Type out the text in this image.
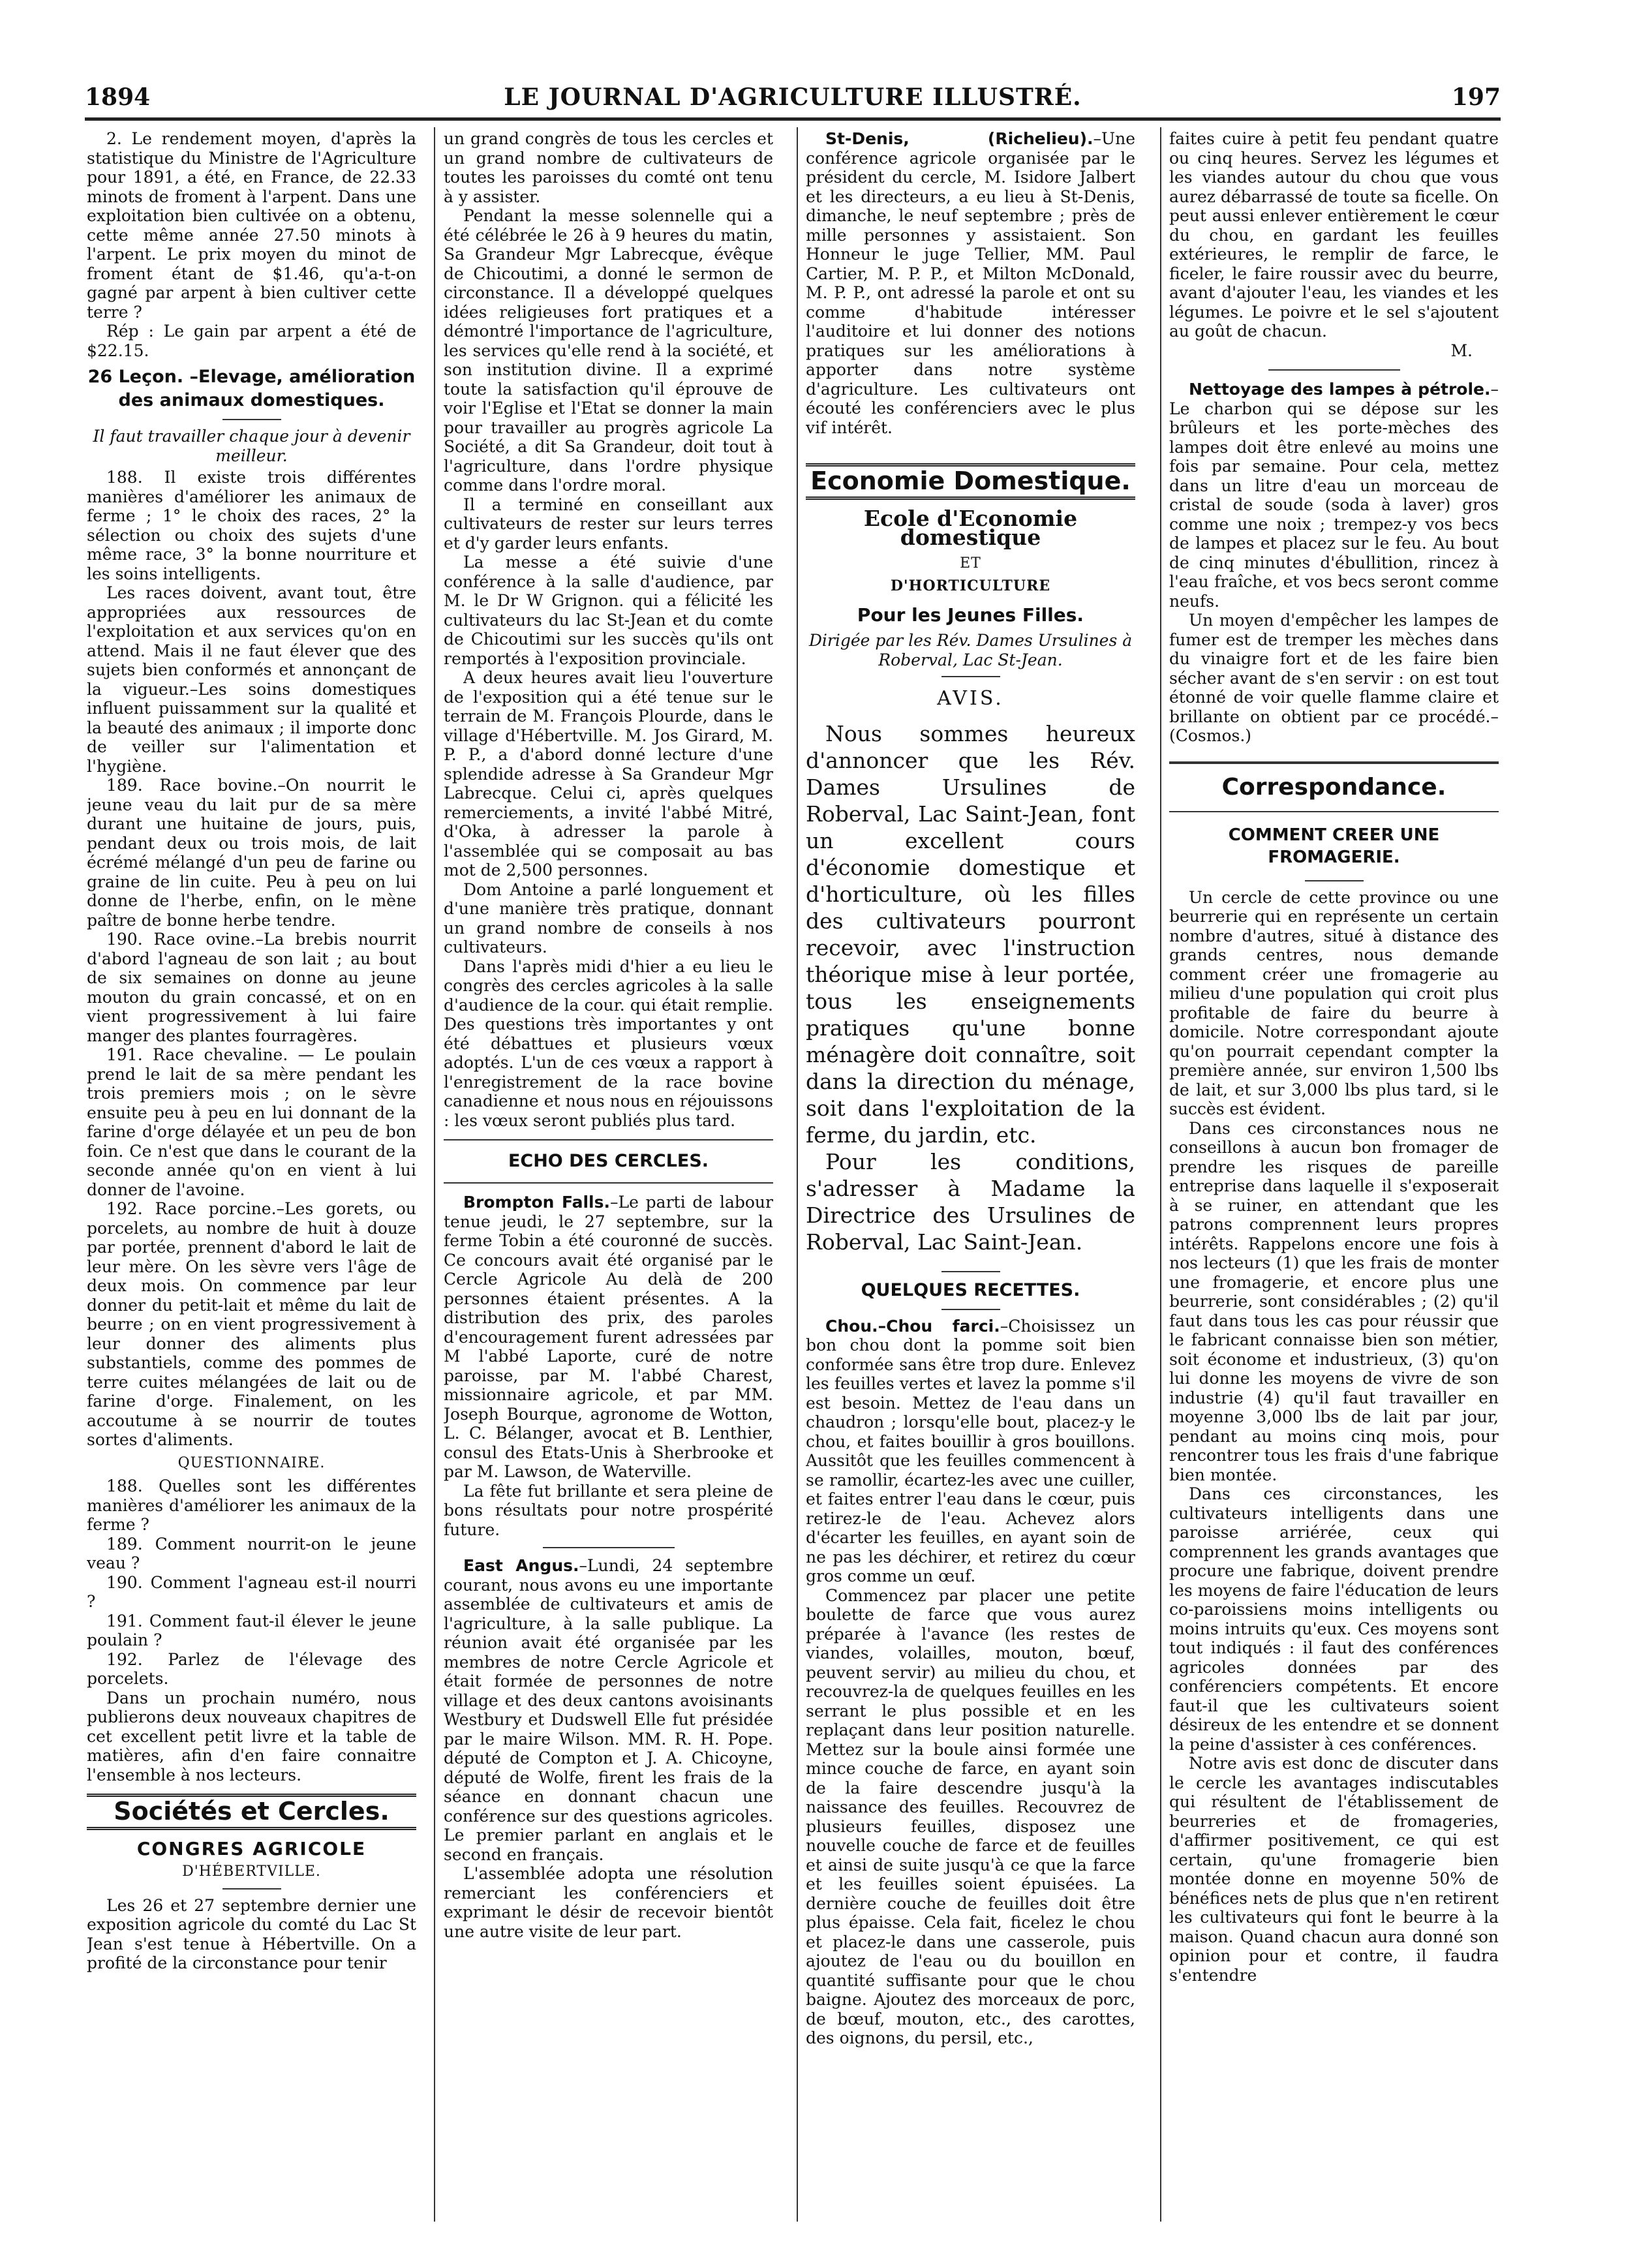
1894	LE JOURNAL D'AGRICULTURE ILLUSTRÉ.	197

2. Le rendement moyen, d'après la statistique du Ministre de l'Agriculture pour 1891, a été, en France, de 22.33 minots de froment à l'arpent. Dans une exploitation bien cultivée on a obtenu, cette même année 27.50 minots à l'arpent. Le prix moyen du minot de froment étant de $1.46, qu'a-t-on gagné par arpent à bien cultiver cette terre ?

Rép : Le gain par arpent a été de $22.15.

26 Leçon. –Elevage, amélioration des animaux domestiques.
Il faut travailler chaque jour à devenir meilleur.

188. Il existe trois différentes manières d'améliorer les animaux de ferme ; 1° le choix des races, 2° la sélection ou choix des sujets d'une même race, 3° la bonne nourriture et les soins intelligents.

Les races doivent, avant tout, être appropriées aux ressources de l'exploitation et aux services qu'on en attend. Mais il ne faut élever que des sujets bien conformés et annonçant de la vigueur.–Les soins domestiques influent puissamment sur la qualité et la beauté des animaux ; il importe donc de veiller sur l'alimentation et l'hygiène.

189. Race bovine.–On nourrit le jeune veau du lait pur de sa mère durant une huitaine de jours, puis, pendant deux ou trois mois, de lait écrémé mélangé d'un peu de farine ou graine de lin cuite. Peu à peu on lui donne de l'herbe, enfin, on le mène paître de bonne herbe tendre.

190. Race ovine.–La brebis nourrit d'abord l'agneau de son lait ; au bout de six semaines on donne au jeune mouton du grain concassé, et on en vient progressivement à lui faire manger des plantes fourragères.

191. Race chevaline. — Le poulain prend le lait de sa mère pendant les trois premiers mois ; on le sèvre ensuite peu à peu en lui donnant de la farine d'orge délayée et un peu de bon foin. Ce n'est que dans le courant de la seconde année qu'on en vient à lui donner de l'avoine.

192. Race porcine.–Les gorets, ou porcelets, au nombre de huit à douze par portée, prennent d'abord le lait de leur mère. On les sèvre vers l'âge de deux mois. On commence par leur donner du petit-lait et même du lait de beurre ; on en vient progressivement à leur donner des aliments plus substantiels, comme des pommes de terre cuites mélangées de lait ou de farine d'orge. Finalement, on les accoutume à se nourrir de toutes sortes d'aliments.

QUESTIONNAIRE.

188. Quelles sont les différentes manières d'améliorer les animaux de la ferme ?

189. Comment nourrit-on le jeune veau ?

190. Comment l'agneau est-il nourri ?

191. Comment faut-il élever le jeune poulain ?

192. Parlez de l'élevage des porcelets.

Dans un prochain numéro, nous publierons deux nouveaux chapitres de cet excellent petit livre et la table de matières, afin d'en faire connaitre l'ensemble à nos lecteurs.

Sociétés et Cercles.
CONGRES AGRICOLE
D'HÉBERTVILLE.

Les 26 et 27 septembre dernier une exposition agricole du comté du Lac St Jean s'est tenue à Hébertville. On a profité de la circonstance pour tenir

un grand congrès de tous les cercles et un grand nombre de cultivateurs de toutes les paroisses du comté ont tenu à y assister.

Pendant la messe solennelle qui a été célébrée le 26 à 9 heures du matin, Sa Grandeur Mgr Labrecque, évêque de Chicoutimi, a donné le sermon de circonstance. Il a développé quelques idées religieuses fort pratiques et a démontré l'importance de l'agriculture, les services qu'elle rend à la société, et son institution divine. Il a exprimé toute la satisfaction qu'il éprouve de voir l'Eglise et l'Etat se donner la main pour travailler au progrès agricole La Société, a dit Sa Grandeur, doit tout à l'agriculture, dans l'ordre physique comme dans l'ordre moral.

Il a terminé en conseillant aux cultivateurs de rester sur leurs terres et d'y garder leurs enfants.

La messe a été suivie d'une conférence à la salle d'audience, par M. le Dr W Grignon. qui a félicité les cultivateurs du lac St-Jean et du comte de Chicoutimi sur les succès qu'ils ont remportés à l'exposition provinciale.

A deux heures avait lieu l'ouverture de l'exposition qui a été tenue sur le terrain de M. François Plourde, dans le village d'Hébertville. M. Jos Girard, M. P. P., a d'abord donné lecture d'une splendide adresse à Sa Grandeur Mgr Labrecque. Celui ci, après quelques remerciements, a invité l'abbé Mitré, d'Oka, à adresser la parole à l'assemblée qui se composait au bas mot de 2,500 personnes.

Dom Antoine a parlé longuement et d'une manière très pratique, donnant un grand nombre de conseils à nos cultivateurs.

Dans l'après midi d'hier a eu lieu le congrès des cercles agricoles à la salle d'audience de la cour. qui était remplie. Des questions très importantes y ont été débattues et plusieurs vœux adoptés. L'un de ces vœux a rapport à l'enregistrement de la race bovine canadienne et nous nous en réjouissons : les vœux seront publiés plus tard.

ECHO DES CERCLES.

Brompton Falls.–Le parti de labour tenue jeudi, le 27 septembre, sur la ferme Tobin a été couronné de succès. Ce concours avait été organisé par le Cercle Agricole Au delà de 200 personnes étaient présentes. A la distribution des prix, des paroles d'encouragement furent adressées par M l'abbé Laporte, curé de notre paroisse, par M. l'abbé Charest, missionnaire agricole, et par MM. Joseph Bourque, agronome de Wotton, L. C. Bélanger, avocat et B. Lenthier, consul des Etats-Unis à Sherbrooke et par M. Lawson, de Waterville.

La fête fut brillante et sera pleine de bons résultats pour notre prospérité future.

East Angus.–Lundi, 24 septembre courant, nous avons eu une importante assemblée de cultivateurs et amis de l'agriculture, à la salle publique. La réunion avait été organisée par les membres de notre Cercle Agricole et était formée de personnes de notre village et des deux cantons avoisinants Westbury et Dudswell Elle fut présidée par le maire Wilson. MM. R. H. Pope. député de Compton et J. A. Chicoyne, député de Wolfe, firent les frais de la séance en donnant chacun une conférence sur des questions agricoles. Le premier parlant en anglais et le second en français.

L'assemblée adopta une résolution remerciant les conférenciers et exprimant le désir de recevoir bientôt une autre visite de leur part.

St-Denis, (Richelieu).–Une conférence agricole organisée par le président du cercle, M. Isidore Jalbert et les directeurs, a eu lieu à St-Denis, dimanche, le neuf septembre ; près de mille personnes y assistaient. Son Honneur le juge Tellier, MM. Paul Cartier, M. P. P., et Milton McDonald, M. P. P., ont adressé la parole et ont su comme d'habitude intéresser l'auditoire et lui donner des notions pratiques sur les améliorations à apporter dans notre système d'agriculture. Les cultivateurs ont écouté les conférenciers avec le plus vif intérêt.

Economie Domestique.
Ecole d'Economie domestique
ET
D'HORTICULTURE
Pour les Jeunes Filles.
Dirigée par les Rév. Dames Ursulines à Roberval, Lac St-Jean.
AVIS.

Nous sommes heureux d'annoncer que les Rév. Dames Ursulines de Roberval, Lac Saint-Jean, font un excellent cours d'économie domestique et d'horticulture, où les filles des cultivateurs pourront recevoir, avec l'instruction théorique mise à leur portée, tous les enseignements pratiques qu'une bonne ménagère doit connaître, soit dans la direction du ménage, soit dans l'exploitation de la ferme, du jardin, etc.

Pour les conditions, s'adresser à Madame la Directrice des Ursulines de Roberval, Lac Saint-Jean.

QUELQUES RECETTES.

Chou.–Chou farci.–Choisissez un bon chou dont la pomme soit bien conformée sans être trop dure. Enlevez les feuilles vertes et lavez la pomme s'il est besoin. Mettez de l'eau dans un chaudron ; lorsqu'elle bout, placez-y le chou, et faites bouillir à gros bouillons. Aussitôt que les feuilles commencent à se ramollir, écartez-les avec une cuiller, et faites entrer l'eau dans le cœur, puis retirez-le de l'eau. Achevez alors d'écarter les feuilles, en ayant soin de ne pas les déchirer, et retirez du cœur gros comme un œuf.

Commencez par placer une petite boulette de farce que vous aurez préparée à l'avance (les restes de viandes, volailles, mouton, bœuf, peuvent servir) au milieu du chou, et recouvrez-la de quelques feuilles en les serrant le plus possible et en les replaçant dans leur position naturelle. Mettez sur la boule ainsi formée une mince couche de farce, en ayant soin de la faire descendre jusqu'à la naissance des feuilles. Recouvrez de plusieurs feuilles, disposez une nouvelle couche de farce et de feuilles et ainsi de suite jusqu'à ce que la farce et les feuilles soient épuisées. La dernière couche de feuilles doit être plus épaisse. Cela fait, ficelez le chou et placez-le dans une casserole, puis ajoutez de l'eau ou du bouillon en quantité suffisante pour que le chou baigne. Ajoutez des morceaux de porc, de bœuf, mouton, etc., des carottes, des oignons, du persil, etc.,

faites cuire à petit feu pendant quatre ou cinq heures. Servez les légumes et les viandes autour du chou que vous aurez débarrassé de toute sa ficelle. On peut aussi enlever entièrement le cœur du chou, en gardant les feuilles extérieures, le remplir de farce, le ficeler, le faire roussir avec du beurre, avant d'ajouter l'eau, les viandes et les légumes. Le poivre et le sel s'ajoutent au goût de chacun.

M.

Nettoyage des lampes à pétrole.– Le charbon qui se dépose sur les brûleurs et les porte-mèches des lampes doit être enlevé au moins une fois par semaine. Pour cela, mettez dans un litre d'eau un morceau de cristal de soude (soda à laver) gros comme une noix ; trempez-y vos becs de lampes et placez sur le feu. Au bout de cinq minutes d'ébullition, rincez à l'eau fraîche, et vos becs seront comme neufs.

Un moyen d'empêcher les lampes de fumer est de tremper les mèches dans du vinaigre fort et de les faire bien sécher avant de s'en servir : on est tout étonné de voir quelle flamme claire et brillante on obtient par ce procédé.–(Cosmos.)

Correspondance.
COMMENT CREER UNE FROMAGERIE.

Un cercle de cette province ou une beurrerie qui en représente un certain nombre d'autres, situé à distance des grands centres, nous demande comment créer une fromagerie au milieu d'une population qui croit plus profitable de faire du beurre à domicile. Notre correspondant ajoute qu'on pourrait cependant compter la première année, sur environ 1,500 lbs de lait, et sur 3,000 lbs plus tard, si le succès est évident.

Dans ces circonstances nous ne conseillons à aucun bon fromager de prendre les risques de pareille entreprise dans laquelle il s'exposerait à se ruiner, en attendant que les patrons comprennent leurs propres intérêts. Rappelons encore une fois à nos lecteurs (1) que les frais de monter une fromagerie, et encore plus une beurrerie, sont considérables ; (2) qu'il faut dans tous les cas pour réussir que le fabricant connaisse bien son métier, soit économe et industrieux, (3) qu'on lui donne les moyens de vivre de son industrie (4) qu'il faut travailler en moyenne 3,000 lbs de lait par jour, pendant au moins cinq mois, pour rencontrer tous les frais d'une fabrique bien montée.

Dans ces circonstances, les cultivateurs intelligents dans une paroisse arriérée, ceux qui comprennent les grands avantages que procure une fabrique, doivent prendre les moyens de faire l'éducation de leurs co-paroissiens moins intelligents ou moins intruits qu'eux. Ces moyens sont tout indiqués : il faut des conférences agricoles données par des conférenciers compétents. Et encore faut-il que les cultivateurs soient désireux de les entendre et se donnent la peine d'assister à ces conférences.

Notre avis est donc de discuter dans le cercle les avantages indiscutables qui résultent de l'établissement de beurreries et de fromageries, d'affirmer positivement, ce qui est certain, qu'une fromagerie bien montée donne en moyenne 50% de bénéfices nets de plus que n'en retirent les cultivateurs qui font le beurre à la maison. Quand chacun aura donné son opinion pour et contre, il faudra s'entendre
